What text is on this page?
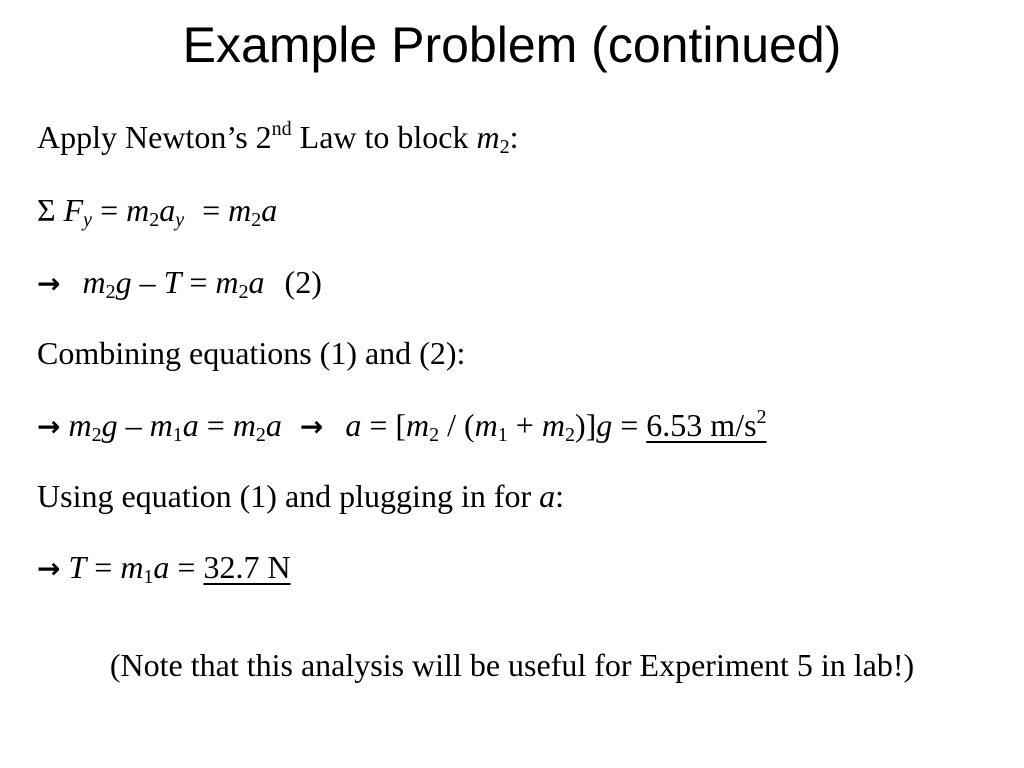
Example Problem (continued)
Apply Newton’s 2nd Law to block $m_2$:
Σ $F_y = m_2a_y = m_2a$
→ $m_2g - T = m_2a$ (2)
Combining equations (1) and (2):
→ $m_2g - m_1a = m_2a \to a = [m_2 / (m_1 + m_2)]g = 6.53$ $m/s^2$
Using equation (1) and plugging in for a:
→ $T = m_1a = 32.7$ N
(Note that this analysis will be useful for Experiment 5 in lab!)
